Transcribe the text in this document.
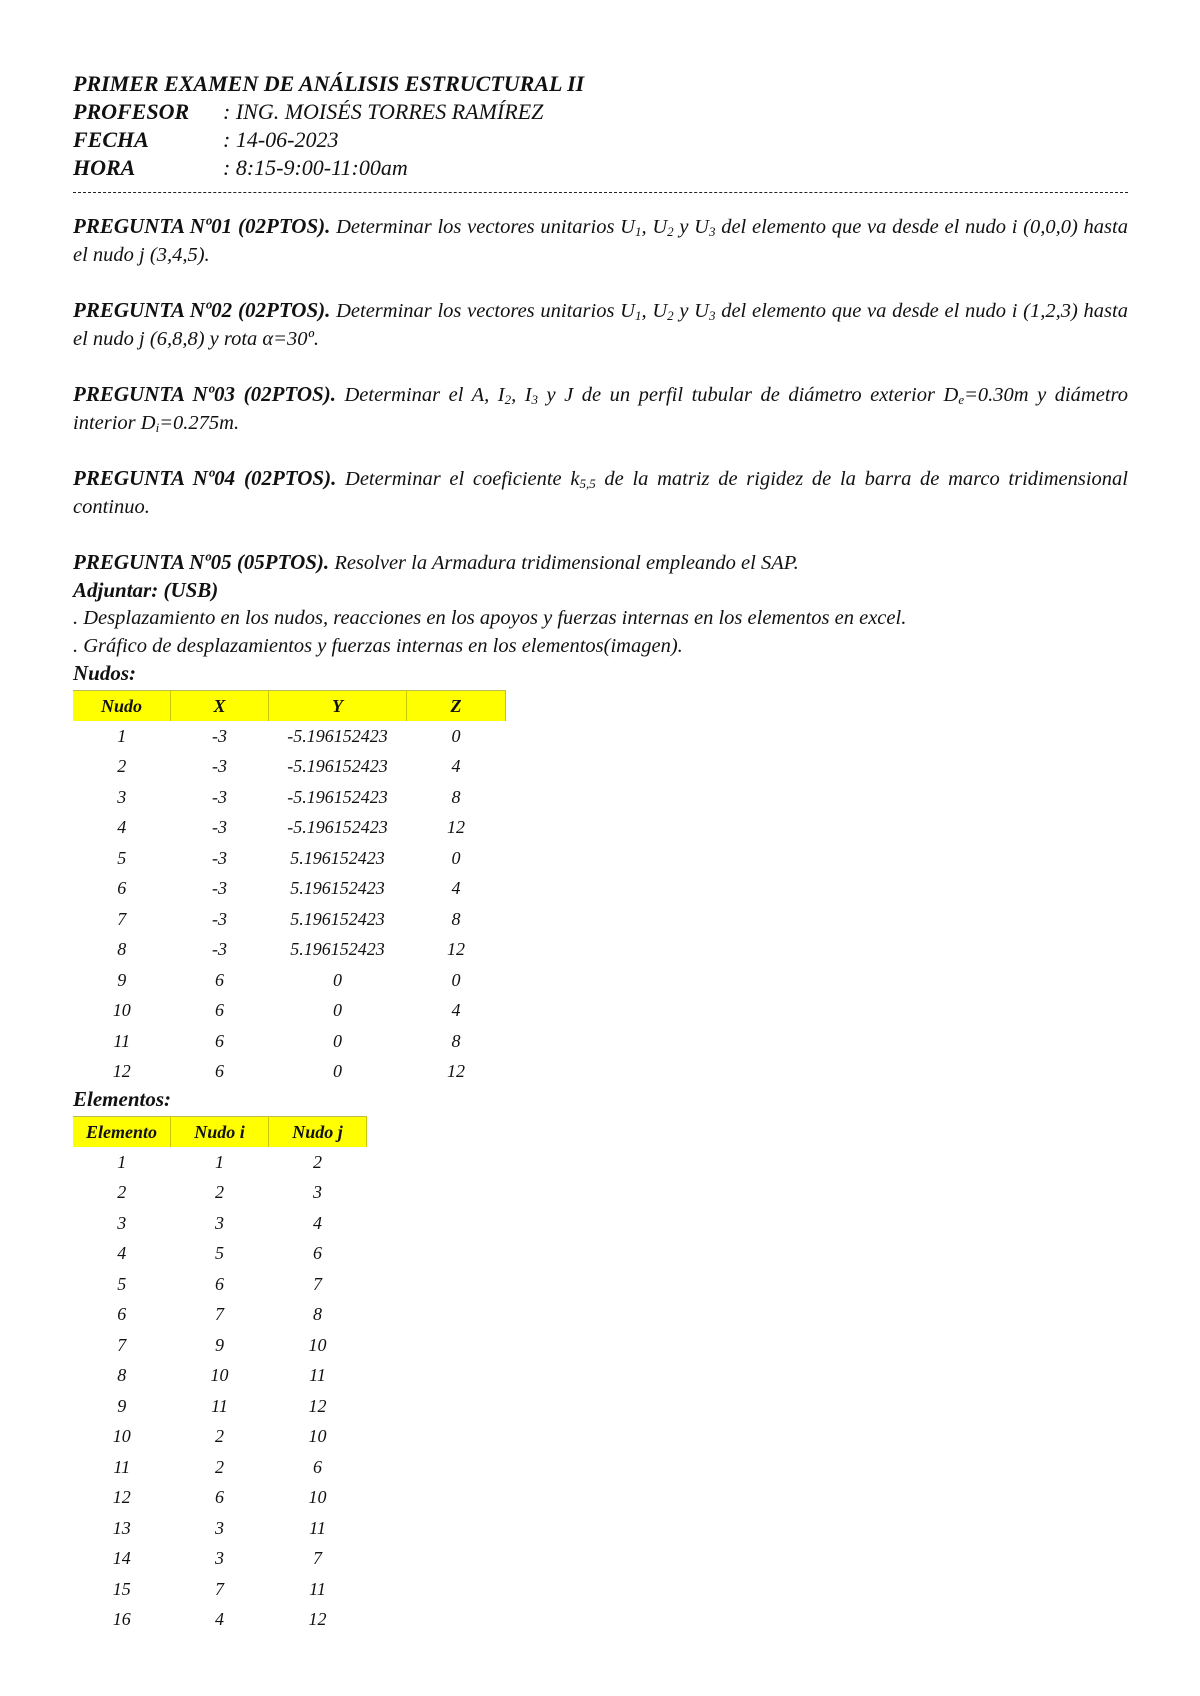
PRIMER EXAMEN DE ANÁLISIS ESTRUCTURAL II
PROFESOR : ING. MOISÉS TORRES RAMÍREZ
FECHA	: 14-06-2023
HORA	: 8:15-9:00-11:00am
PREGUNTA Nº01 (02PTOS). Determinar los vectores unitarios $U_1$, $U_2$ y $U_3$ del elemento que va desde el nudo i (0,0,0) hasta el nudo j (3,4,5).
PREGUNTA Nº02 (02PTOS). Determinar los vectores unitarios $U_1$, $U_2$ y $U_3$ del elemento que va desde el nudo i (1,2,3) hasta el nudo j (6,8,8) y rota α=30º.
PREGUNTA Nº03 (02PTOS). Determinar el A, $I_2$, $I_3$ y J de un perfil tubular de diámetro exterior $D_e=0.30m$ y diámetro interior $D_i=0.275m$.
PREGUNTA Nº04 (02PTOS). Determinar el coeficiente $k_{5,5}$ de la matriz de rigidez de la barra de marco tridimensional continuo.
PREGUNTA Nº05 (05PTOS). Resolver la Armadura tridimensional empleando el SAP.
Adjuntar: (USB)
. Desplazamiento en los nudos, reacciones en los apoyos y fuerzas internas en los elementos en excel.
. Gráfico de desplazamientos y fuerzas internas en los elementos(imagen).
Nudos:
Nudo	X	Y	Z
1	-3	-5.196152423	0
2	-3	-5.196152423	4
3	-3	-5.196152423	8
4	-3	-5.196152423	12
5	-3	5.196152423	0
6	-3	5.196152423	4
7	-3	5.196152423	8
8	-3	5.196152423	12
9	6	0	0
10	6	0	4
11	6	0	8
12	6	0	12
Elementos:
Elemento	Nudo i	Nudo j
1	1	2
2	2	3
3	3	4
4	5	6
5	6	7
6	7	8
7	9	10
8	10	11
9	11	12
10	2	10
11	2	6
12	6	10
13	3	11
14	3	7
15	7	11
16	4	12
